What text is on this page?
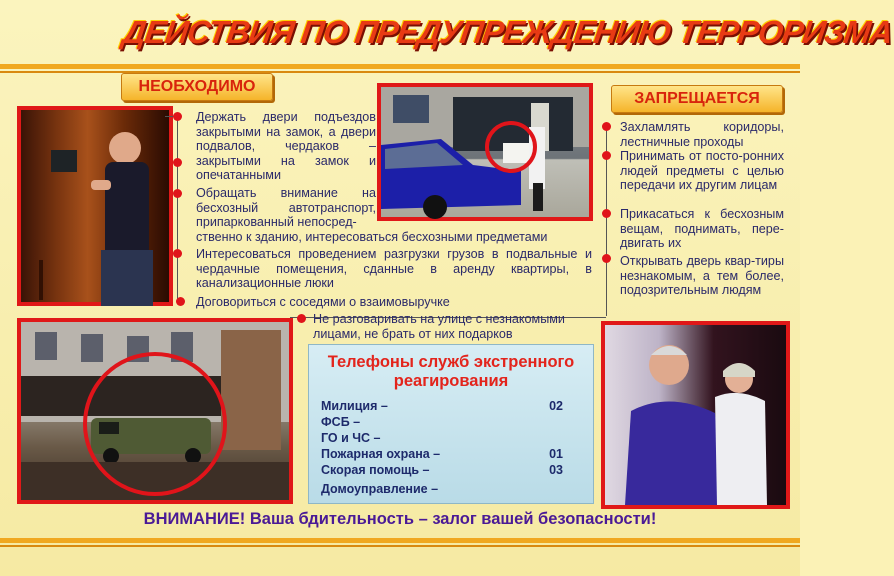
ДЕЙСТВИЯ ПО ПРЕДУПРЕЖДЕНИЮ ТЕРРОРИЗМА
НЕОБХОДИМО
ЗАПРЕЩАЕТСЯ
Держать двери подъездов закрытыми на замок, а двери подвалов, чердаков – закрытыми на замок и опечатанными
Обращать внимание на бесхозный автотранспорт, припаркованный непосред-
ственно к зданию, интересоваться бесхозными предметами
Интересоваться проведением разгрузки грузов в подвальные и чердачные помещения, сданные в аренду квартиры, в канализационные люки
Договориться с соседями о взаимовыручке
Не разговаривать на улице с незнакомыми лицами, не брать от них подарков
Захламлять коридоры, лестничные проходы
Принимать от посто-ронних людей предметы с целью передачи их другим лицам
Прикасаться к бесхозным вещам, поднимать, пере-двигать их
Открывать дверь квар-тиры незнакомым, а тем более, подозрительным людям
Телефоны служб экстренного реагирования
Милиция –	02
ФСБ –
ГО и ЧС –
Пожарная охрана –	01
Скорая помощь –	03
Домоуправление –
ВНИМАНИЕ! Ваша бдительность – залог вашей безопасности!
